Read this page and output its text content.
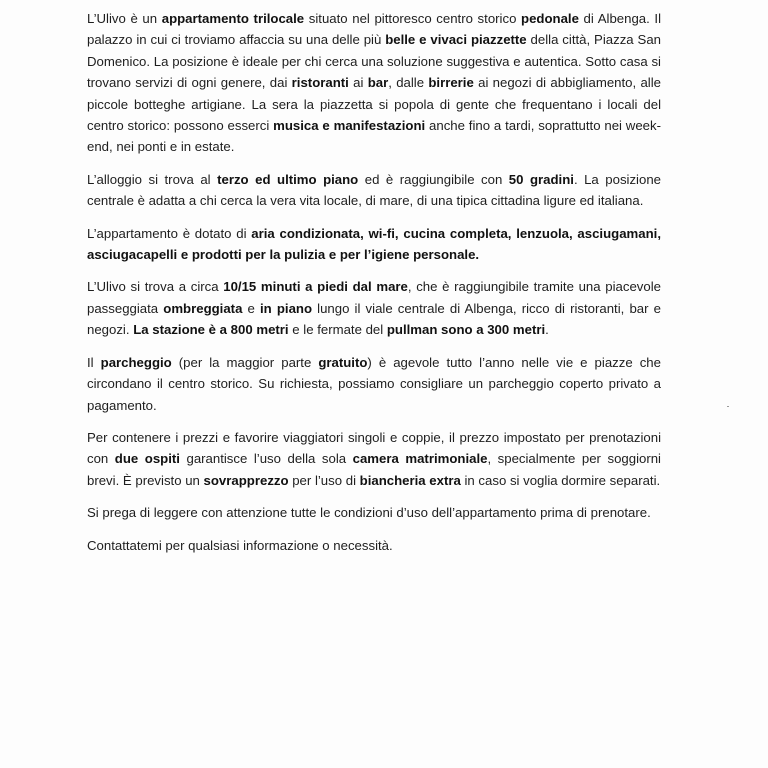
L’Ulivo è un appartamento trilocale situato nel pittoresco centro storico pedonale di Albenga. Il palazzo in cui ci troviamo affaccia su una delle più belle e vivaci piazzette della città, Piazza San Domenico. La posizione è ideale per chi cerca una soluzione suggestiva e autentica. Sotto casa si trovano servizi di ogni genere, dai ristoranti ai bar, dalle birrerie ai negozi di abbigliamento, alle piccole botteghe artigiane. La sera la piazzetta si popola di gente che frequentano i locali del centro storico: possono esserci musica e manifestazioni anche fino a tardi, soprattutto nei week-end, nei ponti e in estate.

L’alloggio si trova al terzo ed ultimo piano ed è raggiungibile con 50 gradini. La posizione centrale è adatta a chi cerca la vera vita locale, di mare, di una tipica cittadina ligure ed italiana.

L’appartamento è dotato di aria condizionata, wi-fi, cucina completa, lenzuola, asciugamani, asciugacapelli e prodotti per la pulizia e per l’igiene personale.

L’Ulivo si trova a circa 10/15 minuti a piedi dal mare, che è raggiungibile tramite una piacevole passeggiata ombreggiata e in piano lungo il viale centrale di Albenga, ricco di ristoranti, bar e negozi. La stazione è a 800 metri e le fermate del pullman sono a 300 metri.

Il parcheggio (per la maggior parte gratuito) è agevole tutto l’anno nelle vie e piazze che circondano il centro storico. Su richiesta, possiamo consigliare un parcheggio coperto privato a pagamento.

Per contenere i prezzi e favorire viaggiatori singoli e coppie, il prezzo impostato per prenotazioni con due ospiti garantisce l’uso della sola camera matrimoniale, specialmente per soggiorni brevi. È previsto un sovrapprezzo per l’uso di biancheria extra in caso si voglia dormire separati.

Si prega di leggere con attenzione tutte le condizioni d’uso dell’appartamento prima di prenotare.

Contattatemi per qualsiasi informazione o necessità.
